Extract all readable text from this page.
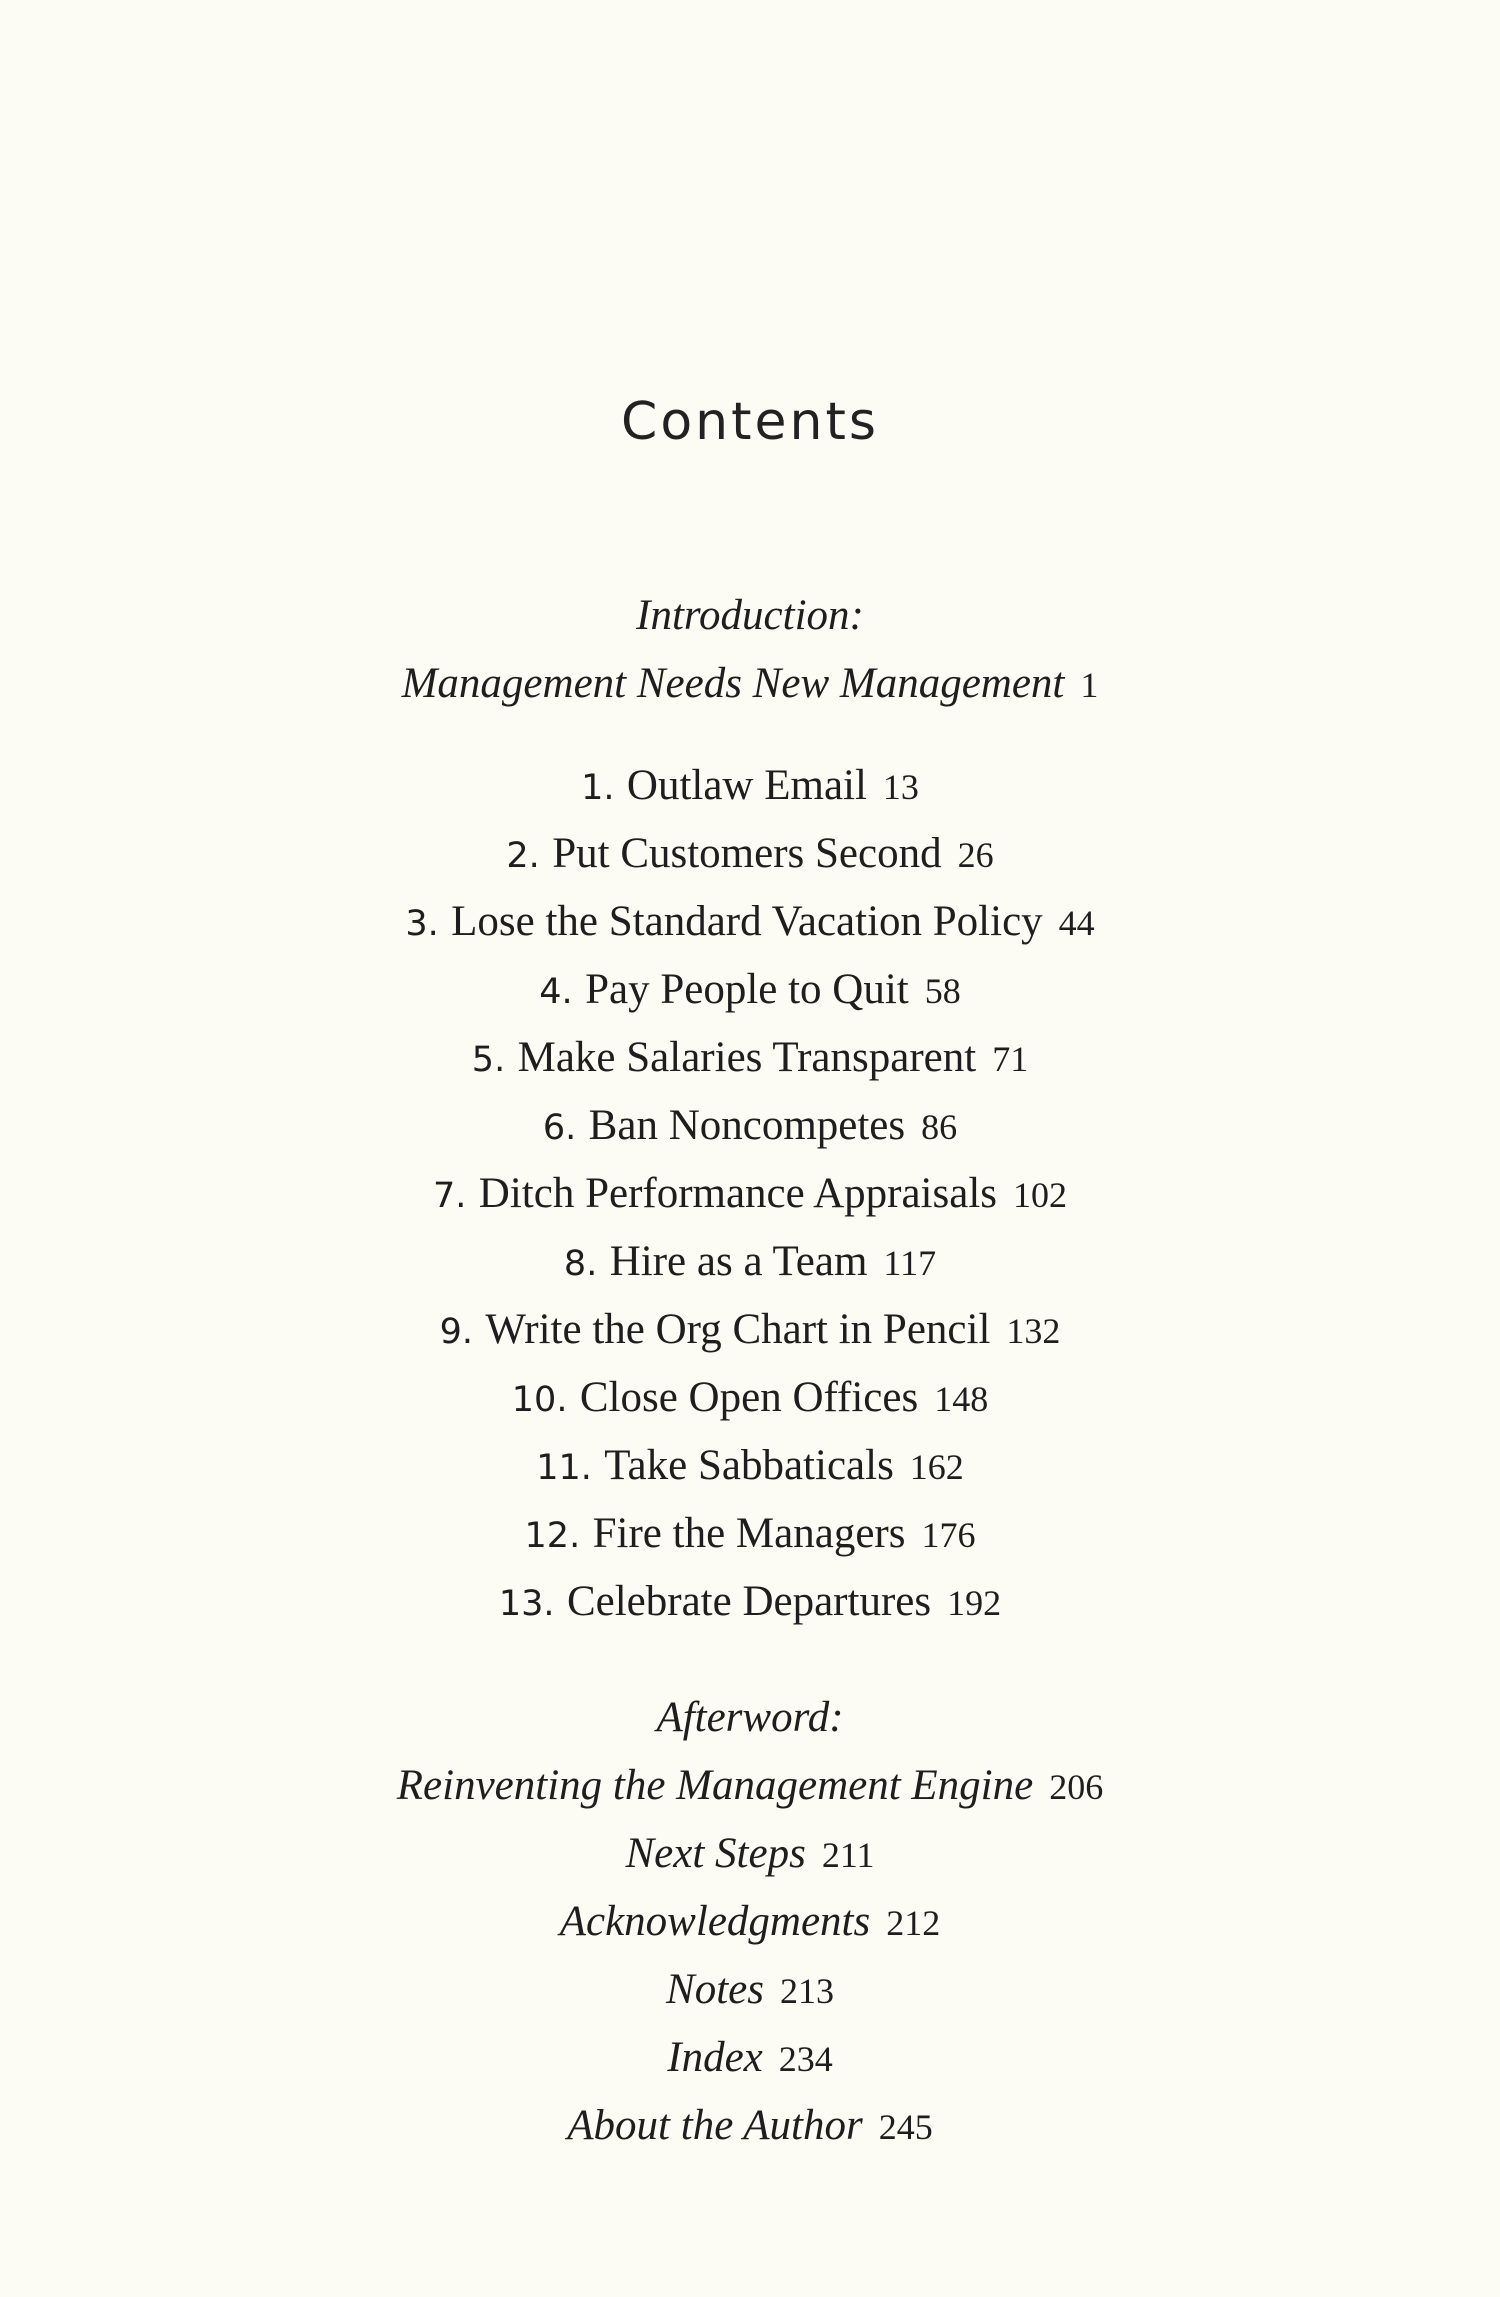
Contents
Introduction:
Management Needs New Management 1
1. Outlaw Email 13
2. Put Customers Second 26
3. Lose the Standard Vacation Policy 44
4. Pay People to Quit 58
5. Make Salaries Transparent 71
6. Ban Noncompetes 86
7. Ditch Performance Appraisals 102
8. Hire as a Team 117
9. Write the Org Chart in Pencil 132
10. Close Open Offices 148
11. Take Sabbaticals 162
12. Fire the Managers 176
13. Celebrate Departures 192
Afterword:
Reinventing the Management Engine 206
Next Steps 211
Acknowledgments 212
Notes 213
Index 234
About the Author 245
